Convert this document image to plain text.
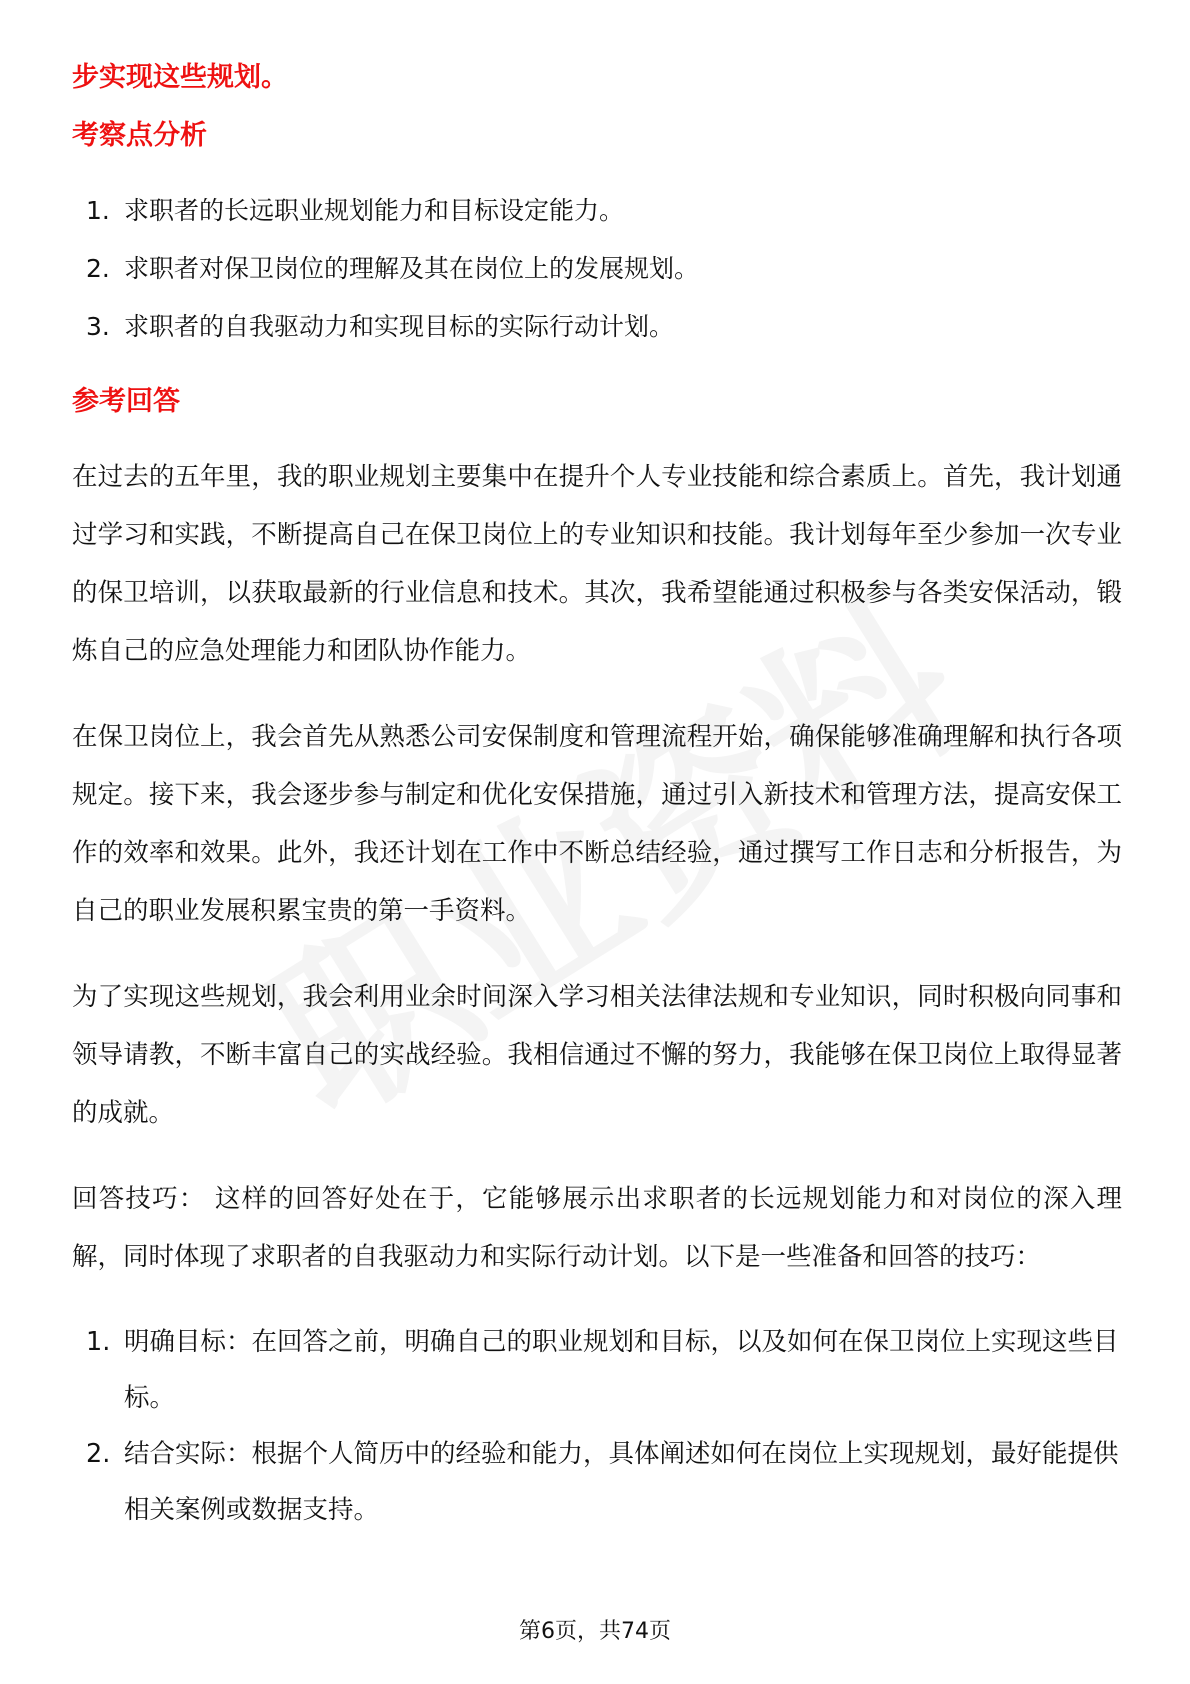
步实现这些规划。

考察点分析

1. 求职者的长远职业规划能力和目标设定能力。
2. 求职者对保卫岗位的理解及其在岗位上的发展规划。
3. 求职者的自我驱动力和实现目标的实际行动计划。

参考回答

在过去的五年里，我的职业规划主要集中在提升个人专业技能和综合素质上。首先，我计划通过学习和实践，不断提高自己在保卫岗位上的专业知识和技能。我计划每年至少参加一次专业的保卫培训，以获取最新的行业信息和技术。其次，我希望能通过积极参与各类安保活动，锻炼自己的应急处理能力和团队协作能力。

在保卫岗位上，我会首先从熟悉公司安保制度和管理流程开始，确保能够准确理解和执行各项规定。接下来，我会逐步参与制定和优化安保措施，通过引入新技术和管理方法，提高安保工作的效率和效果。此外，我还计划在工作中不断总结经验，通过撰写工作日志和分析报告，为自己的职业发展积累宝贵的第一手资料。

为了实现这些规划，我会利用业余时间深入学习相关法律法规和专业知识，同时积极向同事和领导请教，不断丰富自己的实战经验。我相信通过不懈的努力，我能够在保卫岗位上取得显著的成就。

回答技巧： 这样的回答好处在于，它能够展示出求职者的长远规划能力和对岗位的深入理解，同时体现了求职者的自我驱动力和实际行动计划。以下是一些准备和回答的技巧：

1. 明确目标：在回答之前，明确自己的职业规划和目标，以及如何在保卫岗位上实现这些目标。
2. 结合实际：根据个人简历中的经验和能力，具体阐述如何在岗位上实现规划，最好能提供相关案例或数据支持。
第6页，共74页
